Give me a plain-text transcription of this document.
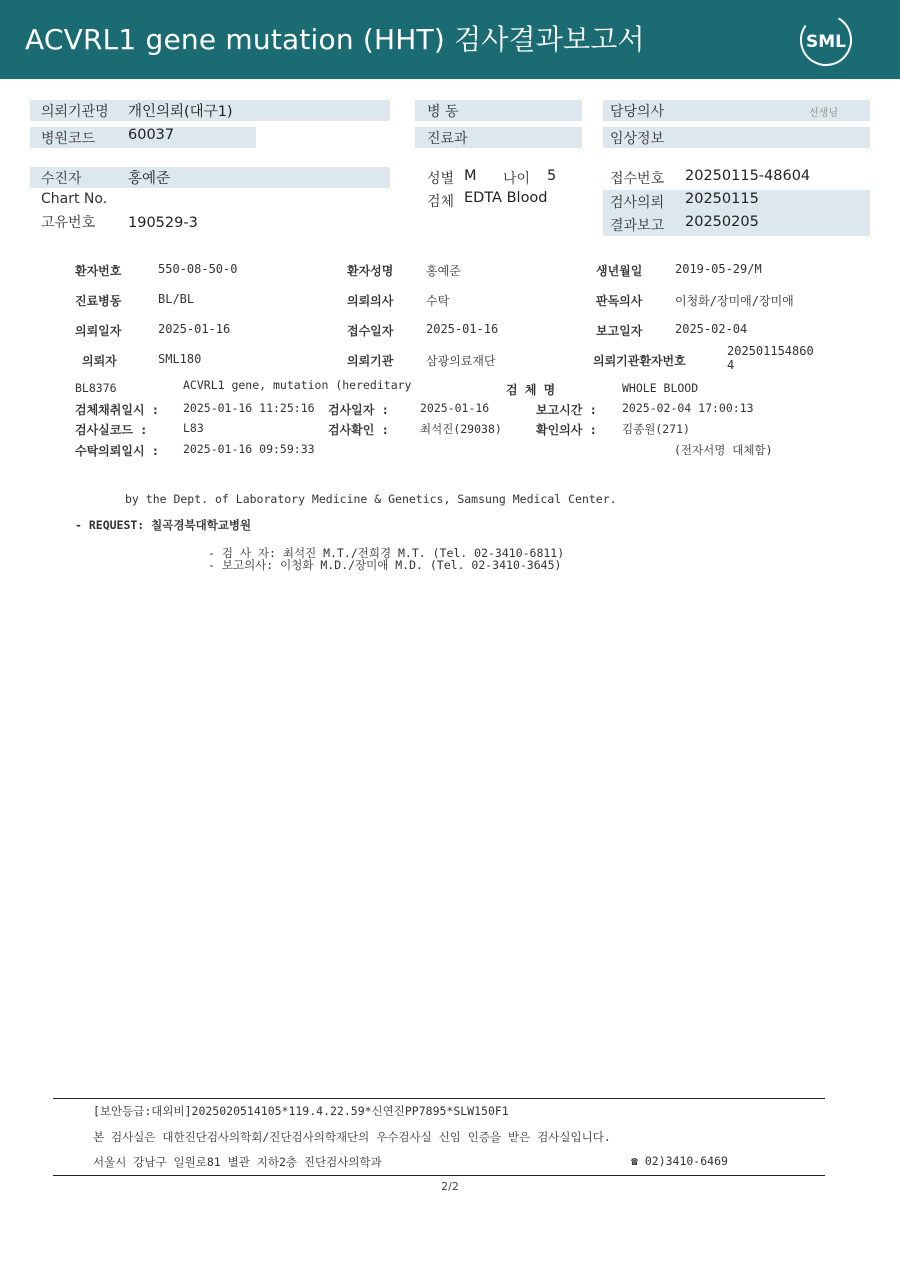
ACVRL1 gene mutation (HHT) 검사결과보고서	SML
의뢰기관명 개인의뢰(대구1)
병원코드 60037
병 동
진료과
담당의사	선생님
임상정보
수진자	홍예준
Chart No.
고유번호 190529-3
성별 M 나이 5
검체 EDTA Blood
접수번호 20250115-48604
검사의뢰 20250115
결과보고 20250205
환자번호	550-08-50-0	환자성명	홍예준	생년월일	2019-05-29/M
진료병동	BL/BL	의뢰의사	수탁	판독의사	이청화/장미애/장미애
의뢰일자	2025-01-16	접수일자	2025-01-16	보고일자	2025-02-04
의뢰자	SML180	의뢰기관	삼광의료재단	의뢰기관환자번호
202501154860
4
BL8376	ACVRL1 gene, mutation (hereditary	검 체 명	WHOLE BLOOD
검체채취일시 : 2025-01-16 11:25:16 검사일자 :	2025-01-16	보고시간 : 2025-02-04 17:00:13
검사실코드 :	L83	검사확인 :	최석진(29038)	확인의사 : 김종원(271)
수탁의뢰일시 : 2025-01-16 09:59:33	(전자서명 대체함)
by the Dept. of Laboratory Medicine & Genetics, Samsung Medical Center.
- REQUEST: 칠곡경북대학교병원
- 검 사 자: 최석진 M.T./전희경 M.T. (Tel. 02-3410-6811)
- 보고의사: 이청화 M.D./장미애 M.D. (Tel. 02-3410-3645)
[보안등급:대외비]2025020514105*119.4.22.59*신연진PP7895*SLW150F1
본 검사실은 대한진단검사의학회/진단검사의학재단의 우수검사실 신임 인증을 받은 검사실입니다.
서울시 강남구 일원로81 별관 지하2층 진단검사의학과	☎ 02)3410-6469
2/2
